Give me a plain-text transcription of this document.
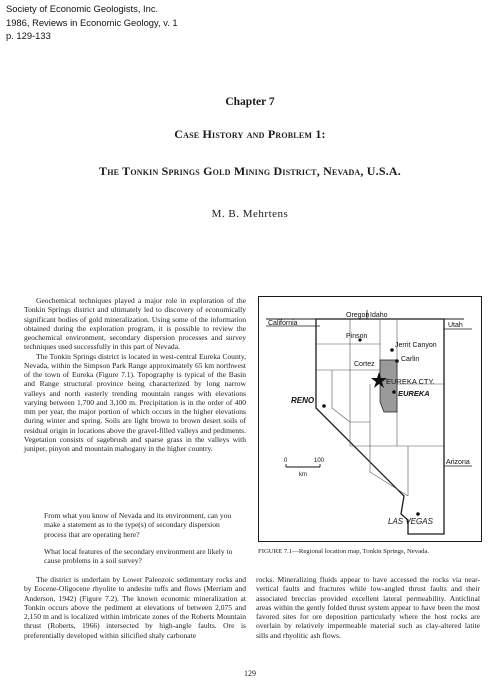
Society of Economic Geologists, Inc.
1986, Reviews in Economic Geology, v. 1
p. 129-133
Chapter 7
Case History and Problem 1:
The Tonkin Springs Gold Mining District, Nevada, U.S.A.
M. B. Mehrtens

Geochemical techniques played a major role in exploration of the Tonkin Springs district and ultimately led to discovery of economically significant bodies of gold mineralization. Using some of the information obtained during the exploration program, it is possible to review the geochemical environment, secondary dispersion processes and survey techniques used successfully in this part of Nevada.

The Tonkin Springs district is located in west-central Eureka County, Nevada, within the Simpson Park Range approximately 65 km northwest of the town of Eureka (Figure 7.1). Topography is typical of the Basin and Range structural province being characterized by long narrow valleys and north easterly trending mountain ranges with elevations varying between 1,700 and 3,100 m. Precipitation is in the order of 400 mm per year, the major portion of which occurs in the higher elevations during winter and spring. Soils are light brown to brown desert soils of residual origin in locations above the gravel-filled valleys and pediments. Vegetation consists of sagebrush and sparse grass in the valleys with juniper, pinyon and mountain mahogany in the higher country.

From what you know of Nevada and its environment, can you make a statement as to the type(s) of secondary dispersion process that are operating here?

What local features of the secondary environment are likely to cause problems in a soil survey?

The district is underlain by Lower Paleozoic sedimentary rocks and by Eocene-Oligocene rhyolite to andesite tuffs and flows (Merriam and Anderson, 1942) (Figure 7.2). The known economic mineralization at Tonkin occurs above the pediment at elevations of between 2,075 and 2,150 m and is localized within imbricate zones of the Roberts Mountain thrust (Roberts, 1966) intersected by high-angle faults. Ore is preferentially developed within silicified shaly carbonate

rocks. Mineralizing fluids appear to have accessed the rocks via near-vertical faults and fractures while low-angled thrust faults and their associated breccias provided excellent lateral permeability. Anticlinal areas within the gently folded thrust system appear to have been the most favored sites for ore deposition particularly where the host rocks are overlain by relatively impermeable material such as clay-altered latite sills and rhyolitic ash flows.

Oregon Idaho
California	Utah
Jerrit Canyon
Pinson
Carlin
Cortez
RENO
EUREKA CTY.
EUREKA
Arizona
LAS VEGAS
0	100
km
FIGURE 7.1—Regional location map, Tonkin Springs, Nevada.
129
